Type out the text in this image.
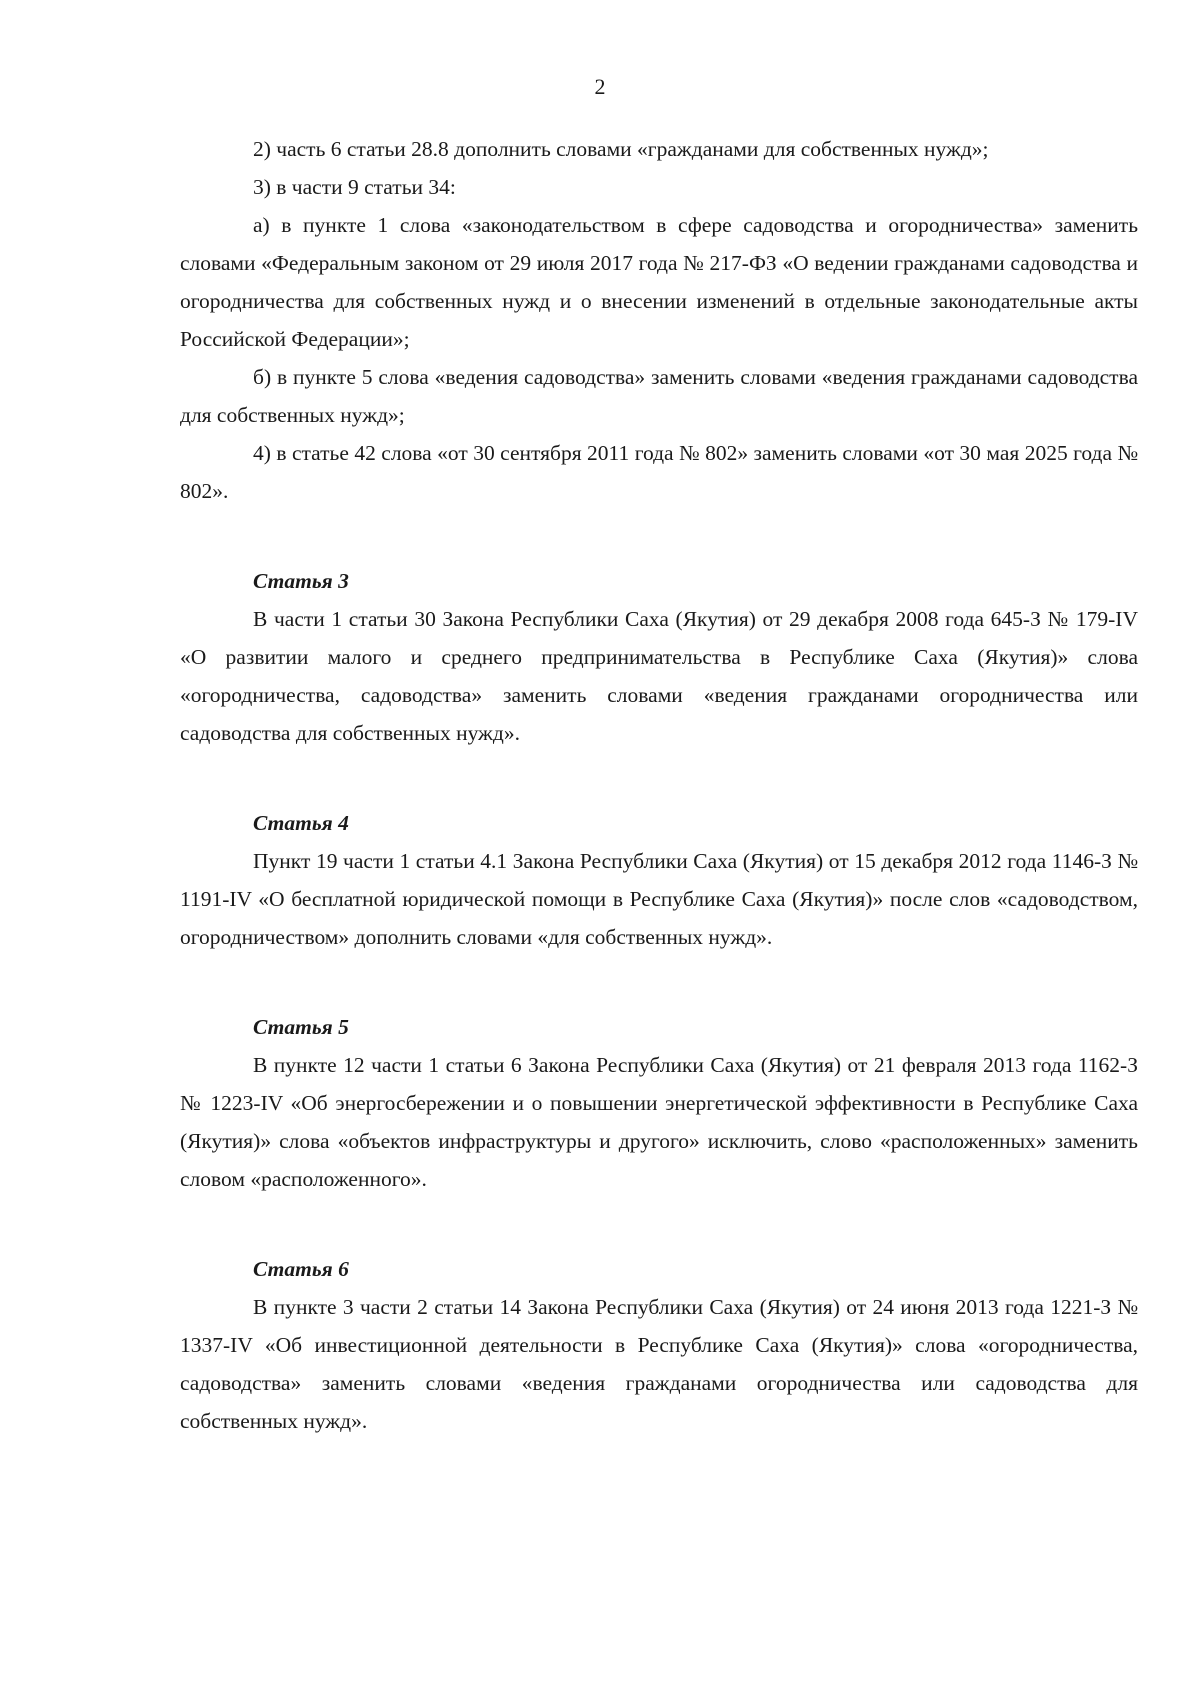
2

2) часть 6 статьи 28.8 дополнить словами «гражданами для собственных нужд»;

3) в части 9 статьи 34:

а) в пункте 1 слова «законодательством в сфере садоводства и огородничества» заменить словами «Федеральным законом от 29 июля 2017 года № 217-ФЗ «О ведении гражданами садоводства и огородничества для собственных нужд и о внесении изменений в отдельные законодательные акты Российской Федерации»;

б) в пункте 5 слова «ведения садоводства» заменить словами «ведения гражданами садоводства для собственных нужд»;

4) в статье 42 слова «от 30 сентября 2011 года № 802» заменить словами «от 30 мая 2025 года № 802».

Статья 3

В части 1 статьи 30 Закона Республики Саха (Якутия) от 29 декабря 2008 года 645-З № 179-IV «О развитии малого и среднего предпринимательства в Республике Саха (Якутия)» слова «огородничества, садоводства» заменить словами «ведения гражданами огородничества или садоводства для собственных нужд».

Статья 4

Пункт 19 части 1 статьи 4.1 Закона Республики Саха (Якутия) от 15 декабря 2012 года 1146-З № 1191-IV «О бесплатной юридической помощи в Республике Саха (Якутия)» после слов «садоводством, огородничеством» дополнить словами «для собственных нужд».

Статья 5

В пункте 12 части 1 статьи 6 Закона Республики Саха (Якутия) от 21 февраля 2013 года 1162-З № 1223-IV «Об энергосбережении и о повышении энергетической эффективности в Республике Саха (Якутия)» слова «объектов инфраструктуры и другого» исключить, слово «расположенных» заменить словом «расположенного».

Статья 6

В пункте 3 части 2 статьи 14 Закона Республики Саха (Якутия) от 24 июня 2013 года 1221-З № 1337-IV «Об инвестиционной деятельности в Республике Саха (Якутия)» слова «огородничества, садоводства» заменить словами «ведения гражданами огородничества или садоводства для собственных нужд».
